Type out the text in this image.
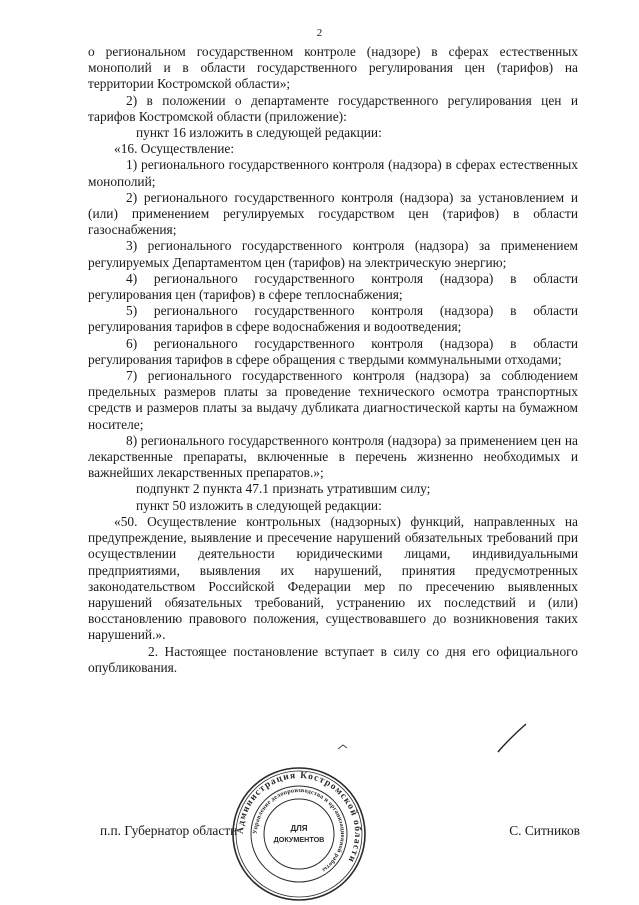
2

о региональном государственном контроле (надзоре) в сферах естественных монополий и в области государственного регулирования цен (тарифов) на территории Костромской области»;

2) в положении о департаменте государственного регулирования цен и тарифов Костромской области (приложение):

пункт 16 изложить в следующей редакции:

«16. Осуществление:

1) регионального государственного контроля (надзора) в сферах естественных монополий;

2) регионального государственного контроля (надзора) за установлением и (или) применением регулируемых государством цен (тарифов) в области газоснабжения;

3) регионального государственного контроля (надзора) за применением регулируемых Департаментом цен (тарифов) на электрическую энергию;

4) регионального государственного контроля (надзора) в области регулирования цен (тарифов) в сфере теплоснабжения;

5) регионального государственного контроля (надзора) в области регулирования тарифов в сфере водоснабжения и водоотведения;

6) регионального государственного контроля (надзора) в области регулирования тарифов в сфере обращения с твердыми коммунальными отходами;

7) регионального государственного контроля (надзора) за соблюдением предельных размеров платы за проведение технического осмотра транспортных средств и размеров платы за выдачу дубликата диагностической карты на бумажном носителе;

8) регионального государственного контроля (надзора) за применением цен на лекарственные препараты, включенные в перечень жизненно необходимых и важнейших лекарственных препаратов.»;

подпункт 2 пункта 47.1 признать утратившим силу;

пункт 50 изложить в следующей редакции:

«50. Осуществление контрольных (надзорных) функций, направленных на предупреждение, выявление и пресечение нарушений обязательных требований при осуществлении деятельности юридическими лицами, индивидуальными предприятиями, выявления их нарушений, принятия предусмотренных законодательством Российской Федерации мер по пресечению выявленных нарушений обязательных требований, устранению их последствий и (или) восстановлению правового положения, существовавшего до возникновения таких нарушений.».

2. Настоящее постановление вступает в силу со дня его официального опубликования.

п.п. Губернатор области	С. Ситников
Администрация Костромской области
Управление делопроизводства и организационной работы
ДЛЯ
ДОКУМЕНТОВ
